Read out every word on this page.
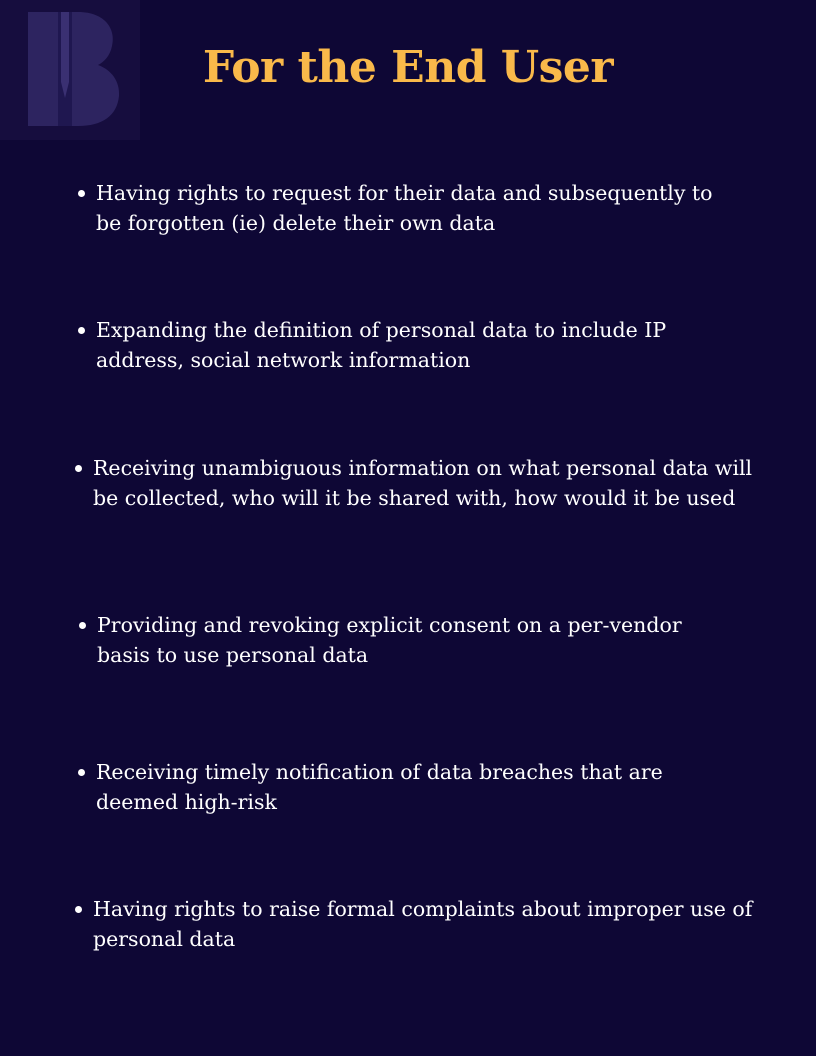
For the End User
Having rights to request for their data and subsequently to be forgotten (ie) delete their own data
Expanding the definition of personal data to include IP address, social network information
Receiving unambiguous information on what personal data will be collected, who will it be shared with, how would it be used
Providing and revoking explicit consent on a per-vendor basis to use personal data
Receiving timely notification of data breaches that are deemed high-risk
Having rights to raise formal complaints about improper use of personal data
